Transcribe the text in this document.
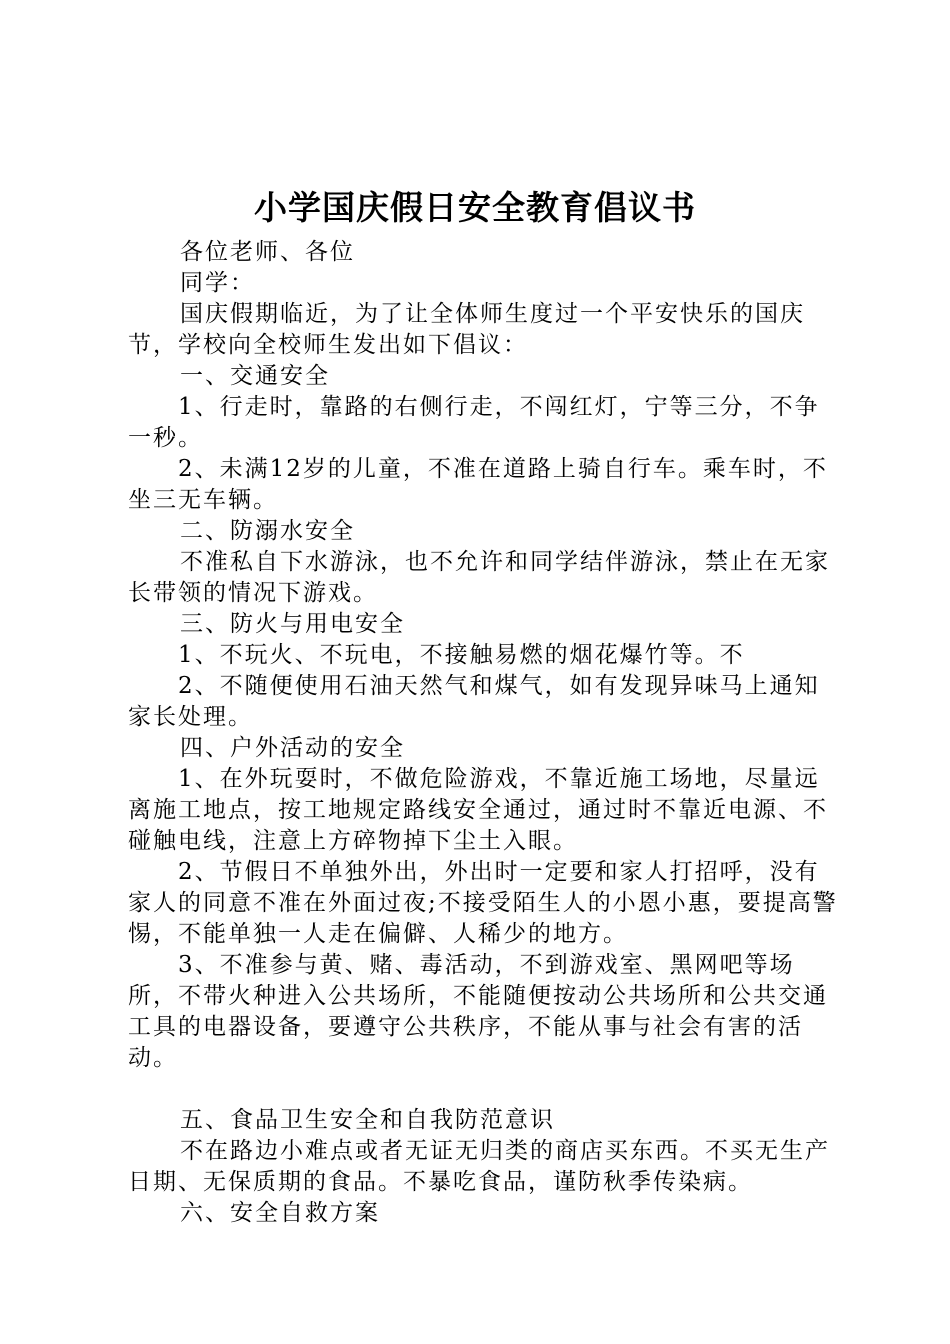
小学国庆假日安全教育倡议书

各位老师、各位

同学：

国庆假期临近，为了让全体师生度过一个平安快乐的国庆节，学校向全校师生发出如下倡议：

一、交通安全

1、行走时，靠路的右侧行走，不闯红灯，宁等三分，不争一秒。

2、未满12岁的儿童，不准在道路上骑自行车。乘车时，不坐三无车辆。

二、防溺水安全

不准私自下水游泳，也不允许和同学结伴游泳，禁止在无家长带领的情况下游戏。

三、防火与用电安全

1、不玩火、不玩电，不接触易燃的烟花爆竹等。不

2、不随便使用石油天然气和煤气，如有发现异味马上通知家长处理。

四、户外活动的安全

1、在外玩耍时，不做危险游戏，不靠近施工场地，尽量远离施工地点，按工地规定路线安全通过，通过时不靠近电源、不碰触电线，注意上方碎物掉下尘土入眼。

2、节假日不单独外出，外出时一定要和家人打招呼，没有家人的同意不准在外面过夜;不接受陌生人的小恩小惠，要提高警惕，不能单独一人走在偏僻、人稀少的地方。

3、不准参与黄、赌、毒活动，不到游戏室、黑网吧等场所，不带火种进入公共场所，不能随便按动公共场所和公共交通工具的电器设备，要遵守公共秩序，不能从事与社会有害的活动。

五、食品卫生安全和自我防范意识

不在路边小难点或者无证无归类的商店买东西。不买无生产日期、无保质期的食品。不暴吃食品，谨防秋季传染病。

六、安全自救方案
